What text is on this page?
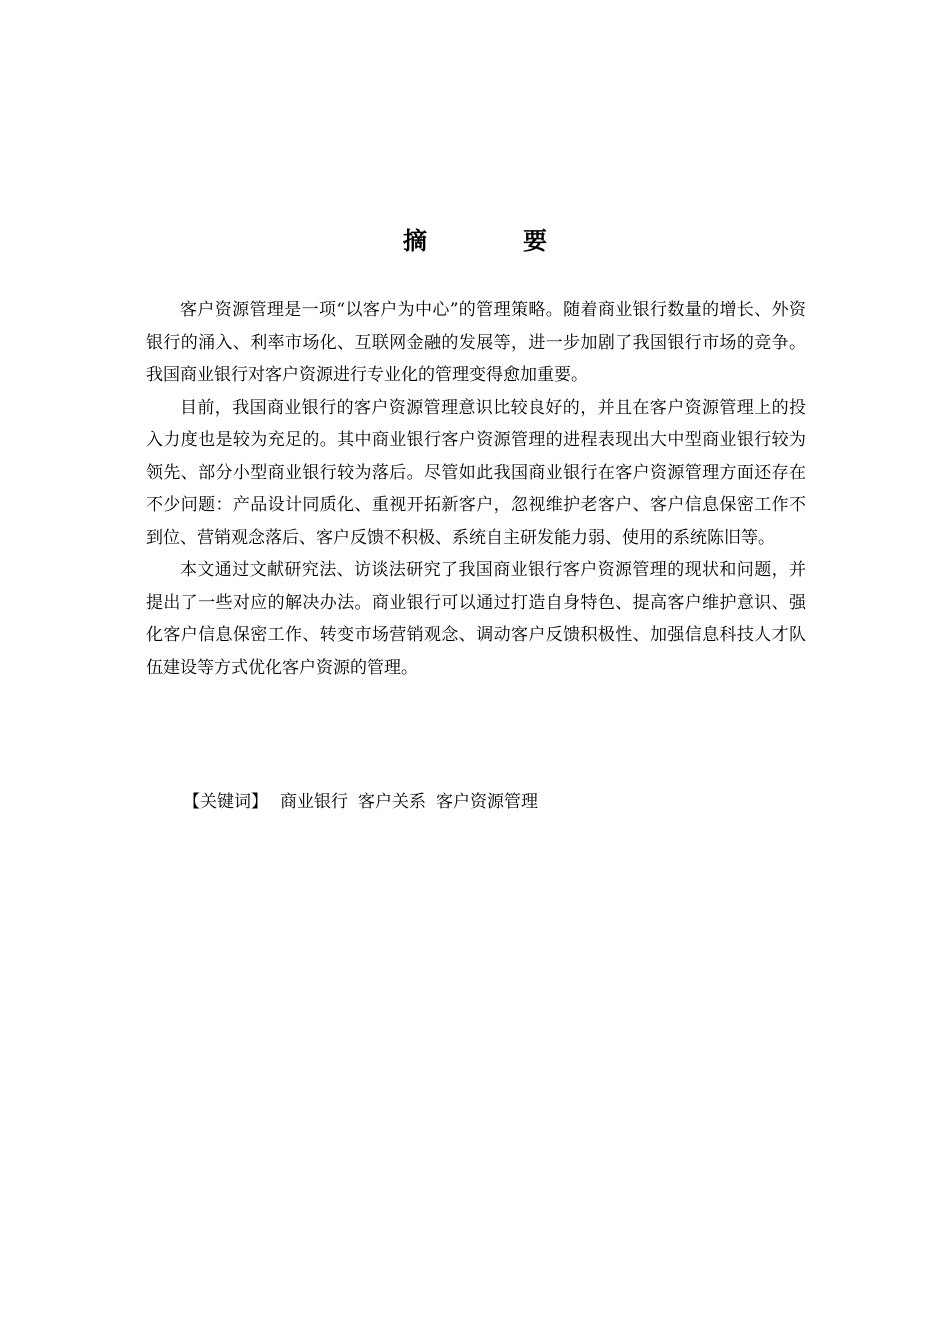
摘	要

客户资源管理是一项“以客户为中心”的管理策略。随着商业银行数量的增长、外资银行的涌入、利率市场化、互联网金融的发展等，进一步加剧了我国银行市场的竞争。我国商业银行对客户资源进行专业化的管理变得愈加重要。

目前，我国商业银行的客户资源管理意识比较良好的，并且在客户资源管理上的投入力度也是较为充足的。其中商业银行客户资源管理的进程表现出大中型商业银行较为领先、部分小型商业银行较为落后。尽管如此我国商业银行在客户资源管理方面还存在不少问题：产品设计同质化、重视开拓新客户，忽视维护老客户、客户信息保密工作不到位、营销观念落后、客户反馈不积极、系统自主研发能力弱、使用的系统陈旧等。

本文通过文献研究法、访谈法研究了我国商业银行客户资源管理的现状和问题，并提出了一些对应的解决办法。商业银行可以通过打造自身特色、提高客户维护意识、强化客户信息保密工作、转变市场营销观念、调动客户反馈积极性、加强信息科技人才队伍建设等方式优化客户资源的管理。

【关键词】 商业银行 客户关系 客户资源管理
